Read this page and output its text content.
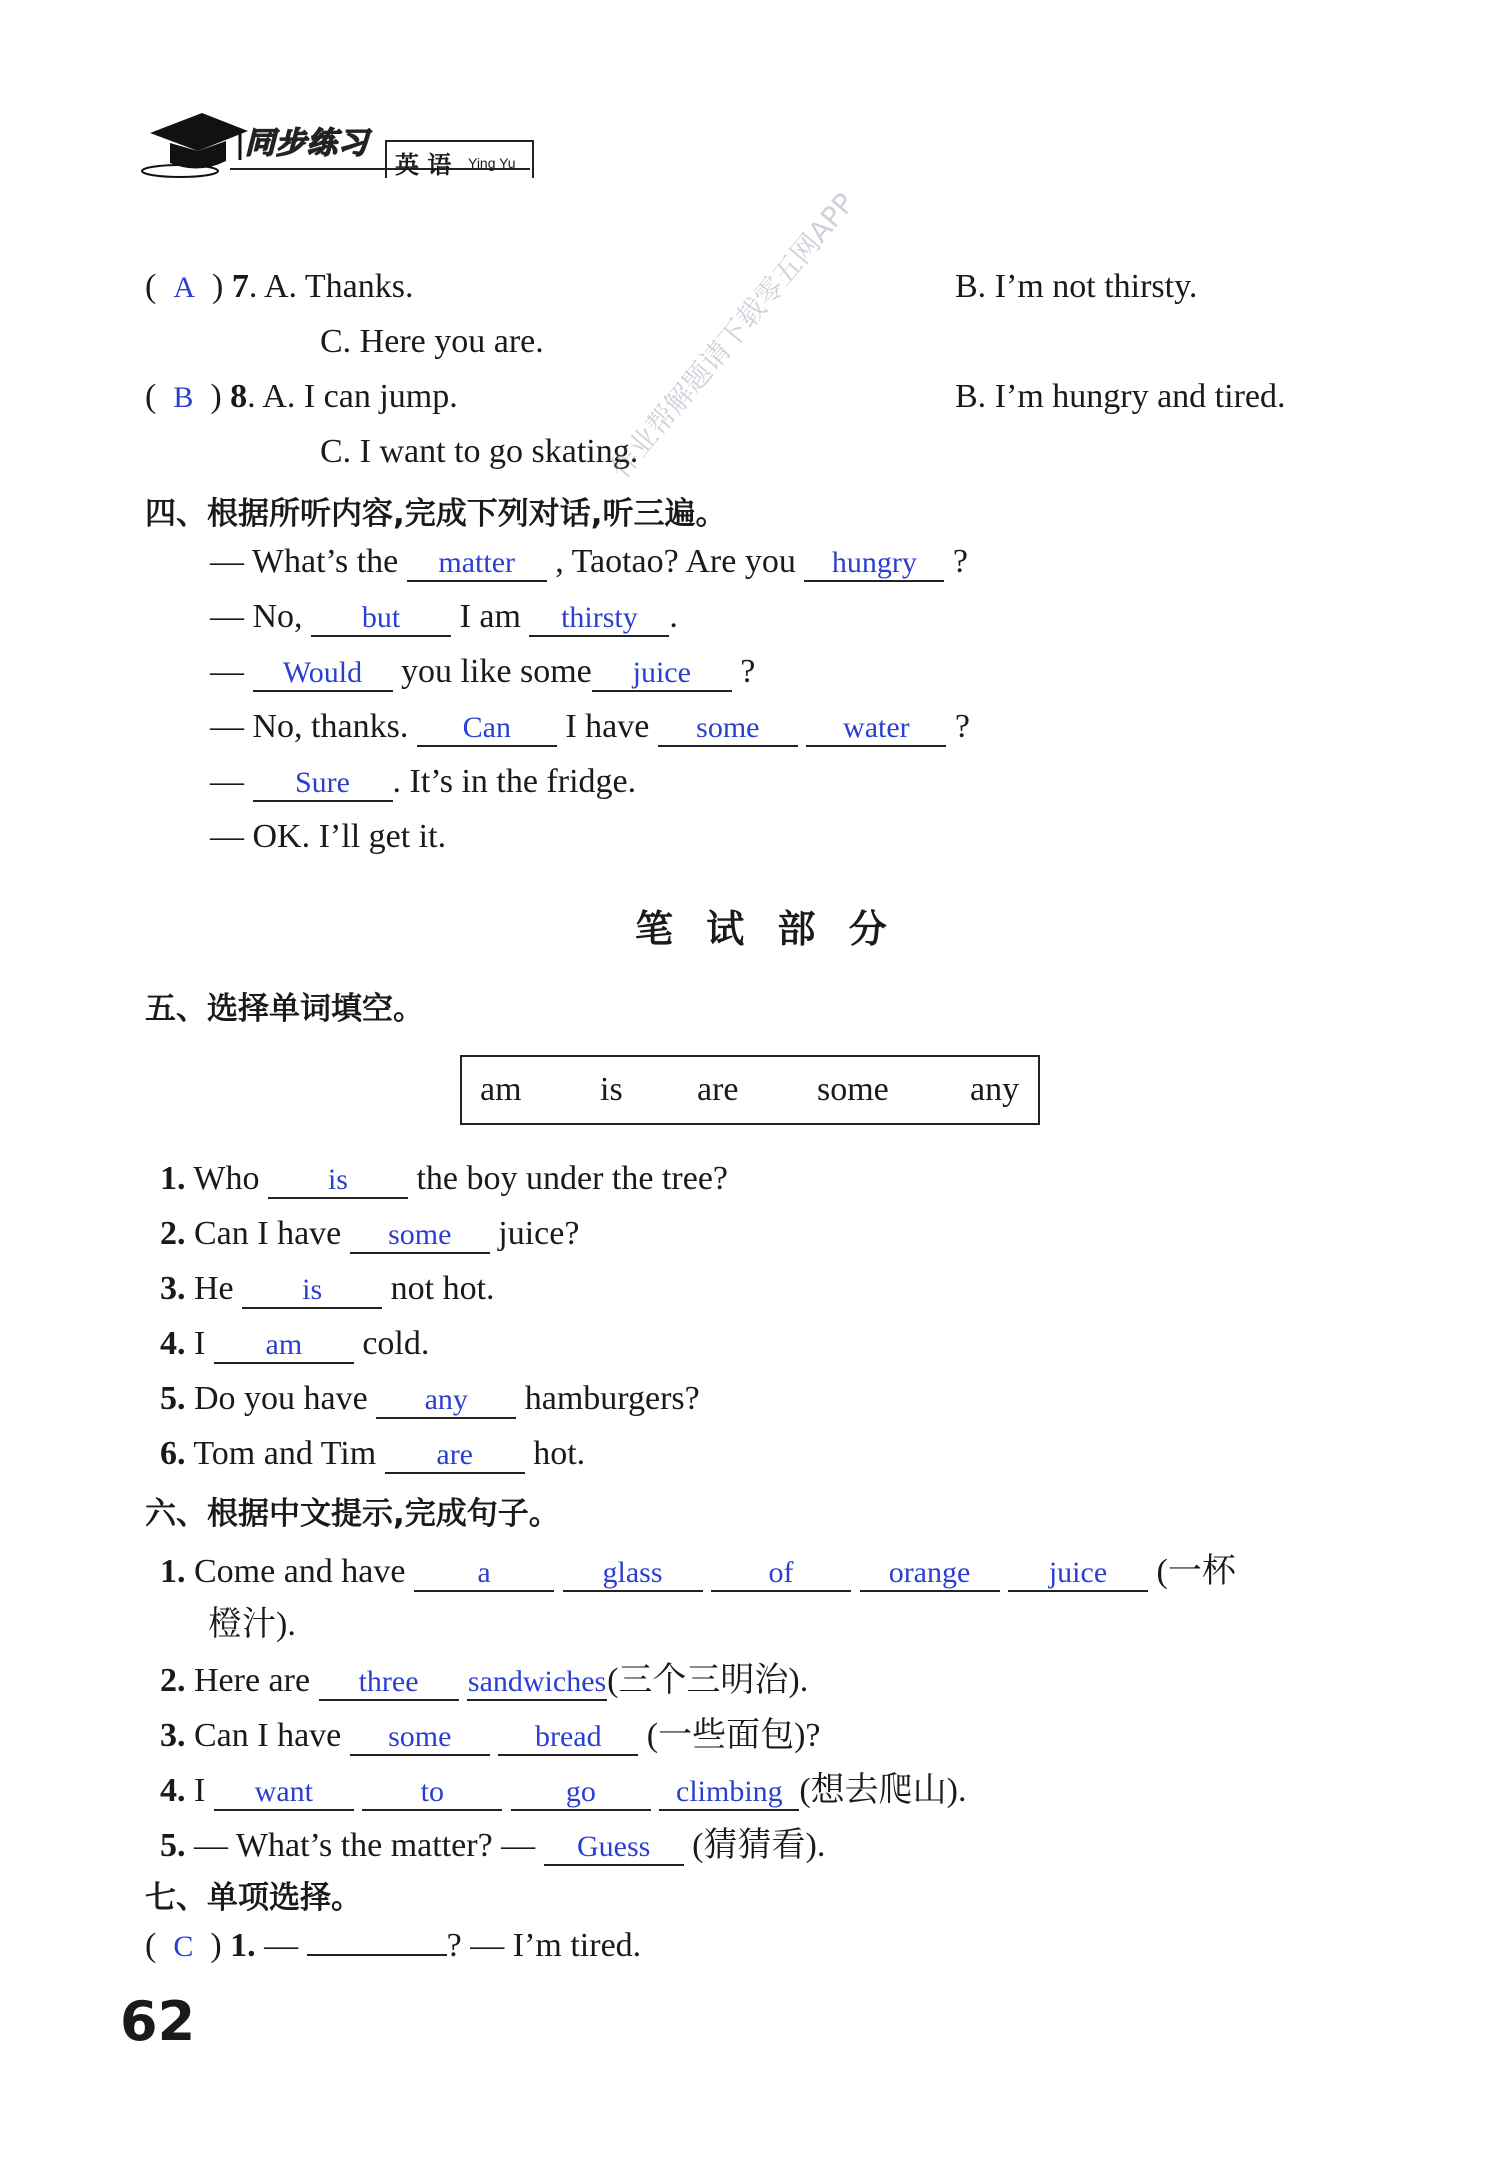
同步练习
英 语 Ying Yu
( A ) 7. A. Thanks.	B. I’m not thirsty.
C. Here you are.
( B ) 8. A. I can jump.	B. I’m hungry and tired.
C. I want to go skating.
四、根据所听内容,完成下列对话,听三遍。
— What’s the matter , Taotao? Are you hungry ?
— No, but I am thirsty .
— Would you like some juice ?
— No, thanks. Can I have some	water ?
— Sure . It’s in the fridge.
— OK. I’ll get it.
笔 试 部 分
五、选择单词填空。
am is are some any
1. Who is the boy under the tree?
2. Can I have some juice?
3. He is not hot.
4. I am cold.
5. Do you have any hamburgers?
6. Tom and Tim are hot.
六、根据中文提示,完成句子。
1. Come and have a	glass	of	orange	juice (一杯
橙汁).
2. Here are three sandwiches(三个三明治).
3. Can I have some	bread (一些面包)?
4. I want	to	go	climbing (想去爬山).
5. — What’s the matter? — Guess (猜猜看).
七、单项选择。
( C ) 1. —	? — I’m tired.
作业帮解题请下载零五网APP
62
